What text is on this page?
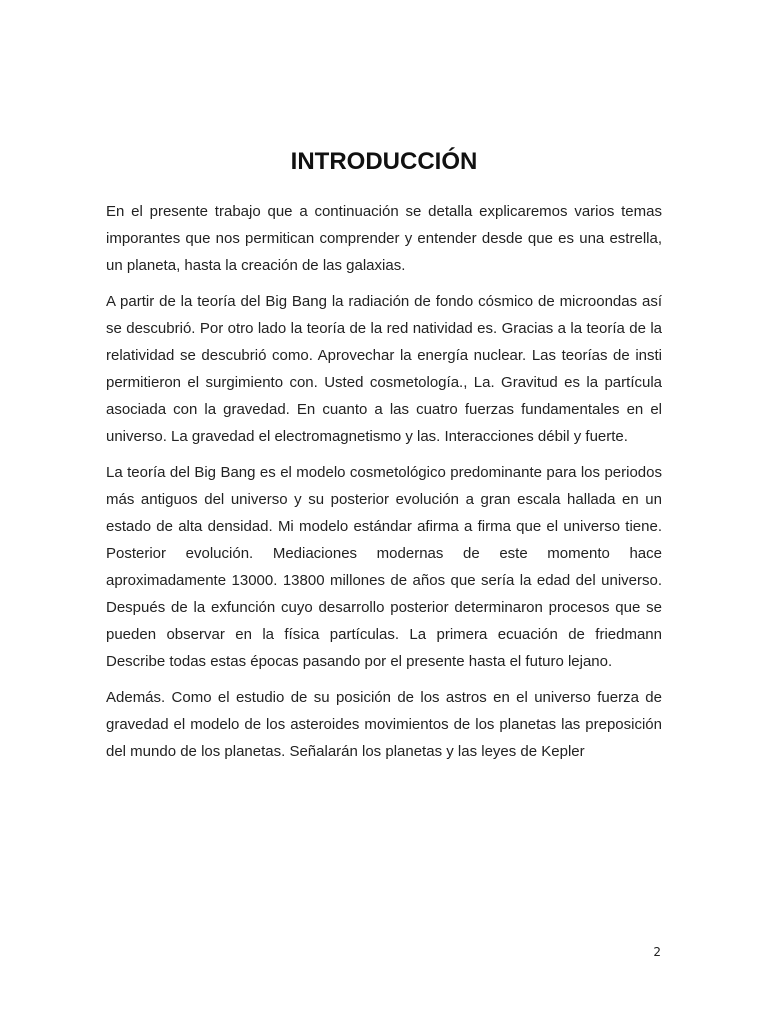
INTRODUCCIÓN

En el presente trabajo que a continuación se detalla explicaremos varios temas imporantes que nos permitican comprender y entender desde que es una estrella, un planeta, hasta la creación de las galaxias.

A partir de la teoría del Big Bang la radiación de fondo cósmico de microondas así se descubrió. Por otro lado la teoría de la red natividad es. Gracias a la teoría de la relatividad se descubrió como. Aprovechar la energía nuclear. Las teorías de insti permitieron el surgimiento con. Usted cosmetología., La. Gravitud es la partícula asociada con la gravedad. En cuanto a las cuatro fuerzas fundamentales en el universo. La gravedad el electromagnetismo y las. Interacciones débil y fuerte.

La teoría del Big Bang es el modelo cosmetológico predominante para los periodos más antiguos del universo y su posterior evolución a gran escala hallada en un estado de alta densidad. Mi modelo estándar afirma a firma que el universo tiene. Posterior evolución. Mediaciones modernas de este momento hace aproximadamente 13000. 13800 millones de años que sería la edad del universo. Después de la exfunción cuyo desarrollo posterior determinaron procesos que se pueden observar en la física partículas. La primera ecuación de friedmann Describe todas estas épocas pasando por el presente hasta el futuro lejano.

Además. Como el estudio de su posición de los astros en el universo fuerza de gravedad el modelo de los asteroides movimientos de los planetas las preposición del mundo de los planetas. Señalarán los planetas y las leyes de Kepler

2
